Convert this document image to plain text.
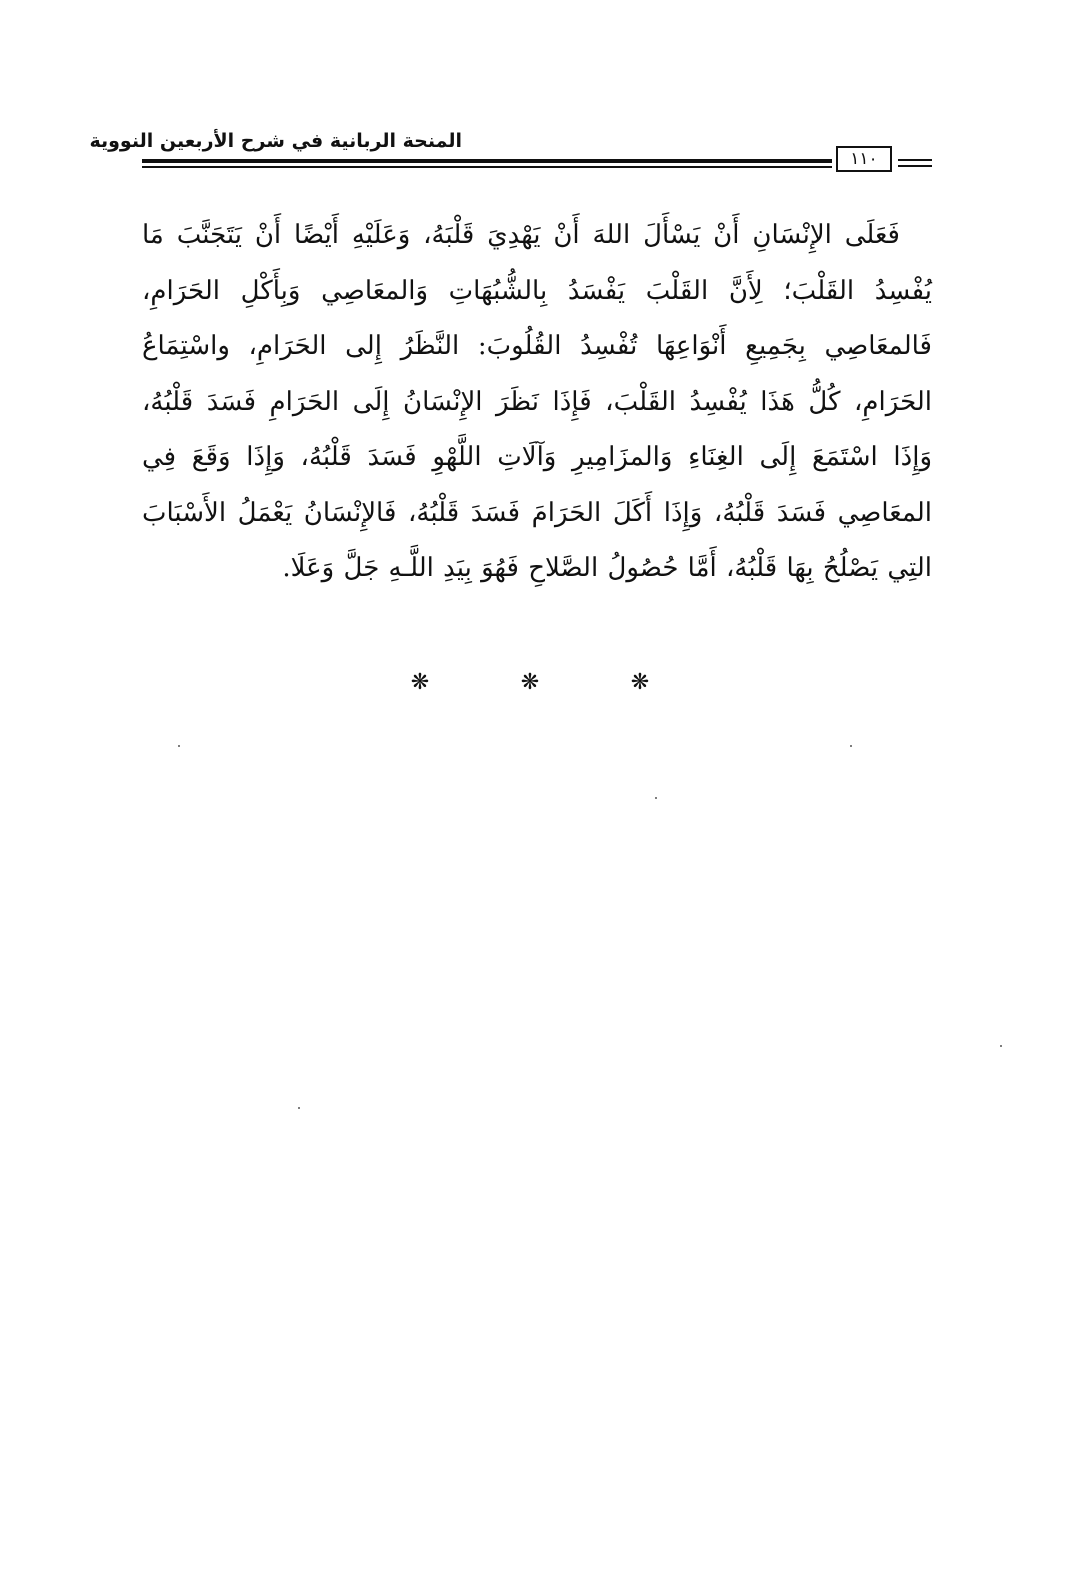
المنحة الربانية في شرح الأربعين النووية
١١٠
فَعَلَى الإِنْسَانِ أَنْ يَسْأَلَ اللهَ أَنْ يَهْدِيَ قَلْبَهُ، وَعَلَيْهِ أَيْضًا أَنْ يَتَجَنَّبَ مَا يُفْسِدُ القَلْبَ؛ لِأَنَّ القَلْبَ يَفْسَدُ بِالشُّبُهَاتِ وَالمعَاصِي وَبِأَكْلِ الحَرَامِ، فَالمعَاصِي بِجَمِيعِ أَنْوَاعِهَا تُفْسِدُ القُلُوبَ: النَّظَرُ إِلى الحَرَامِ، واسْتِمَاعُ الحَرَامِ، كُلُّ هَذَا يُفْسِدُ القَلْبَ، فَإِذَا نَظَرَ الإِنْسَانُ إِلَى الحَرَامِ فَسَدَ قَلْبُهُ، وَإِذَا اسْتَمَعَ إِلَى الغِنَاءِ وَالمزَامِيرِ وَآلَاتِ اللَّهْوِ فَسَدَ قَلْبُهُ، وَإِذَا وَقَعَ فِي المعَاصِي فَسَدَ قَلْبُهُ، وَإِذَا أَكَلَ الحَرَامَ فَسَدَ قَلْبُهُ، فَالإِنْسَانُ يَعْمَلُ الأَسْبَابَ التِي يَصْلُحُ بِهَا قَلْبُهُ، أَمَّا حُصُولُ الصَّلاحِ فَهُوَ بِيَدِ اللَّـهِ جَلَّ وَعَلَا.
❋	❋	❋
